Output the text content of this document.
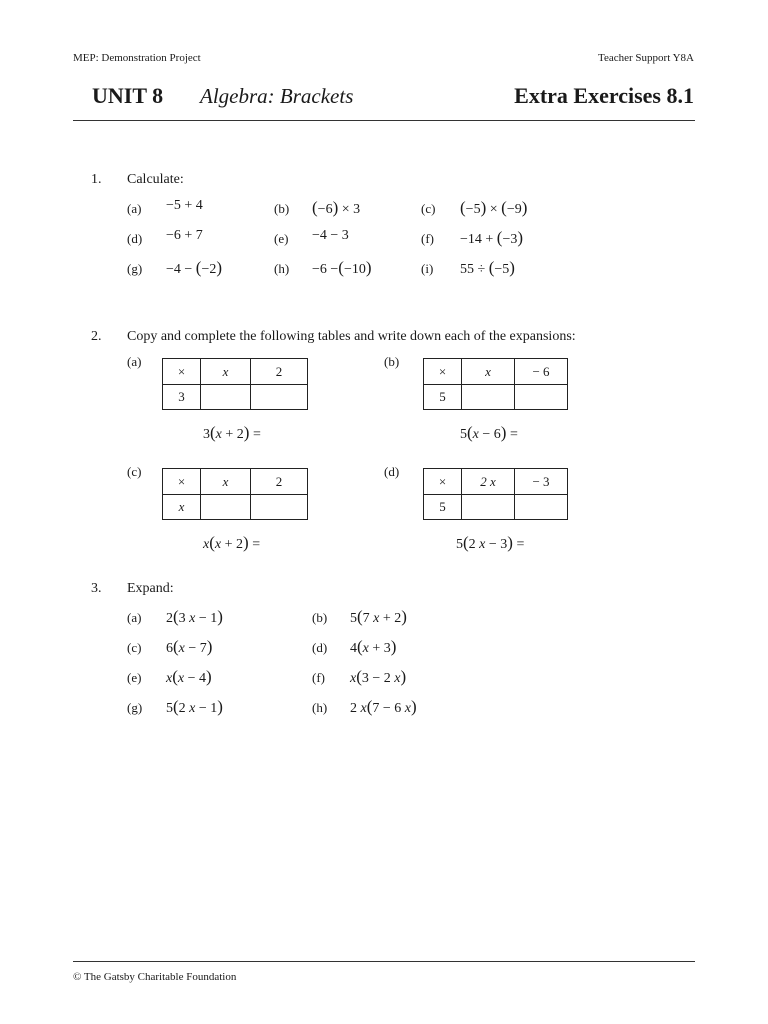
MEP: Demonstration Project	Teacher Support Y8A
UNIT 8 Algebra: Brackets	Extra Exercises 8.1
1. Calculate:
(a) −5 + 4	(b) (−6) × 3	(c) (−5) × (−9)
(d) −6 + 7	(e) −4 − 3	(f) −14 + (−3)
(g) −4 − (−2)	(h) −6 −(−10)	(i) 55 ÷ (−5)
2. Copy and complete the following tables and write down each of the expansions:
(a)
×	x	2
3		
3(x + 2) =
(b)
×	x	− 6
5		
5(x − 6) =
(c)
×	x	2
x		
x(x + 2) =
(d)
×	2 x	− 3
5		
5(2 x − 3) =
3. Expand:
(a) 2(3 x − 1)	(b) 5(7 x + 2)
(c) 6(x − 7)	(d) 4(x + 3)
(e) x(x − 4)	(f) x(3 − 2 x)
(g) 5(2 x − 1)	(h) 2 x(7 − 6 x)
© The Gatsby Charitable Foundation
